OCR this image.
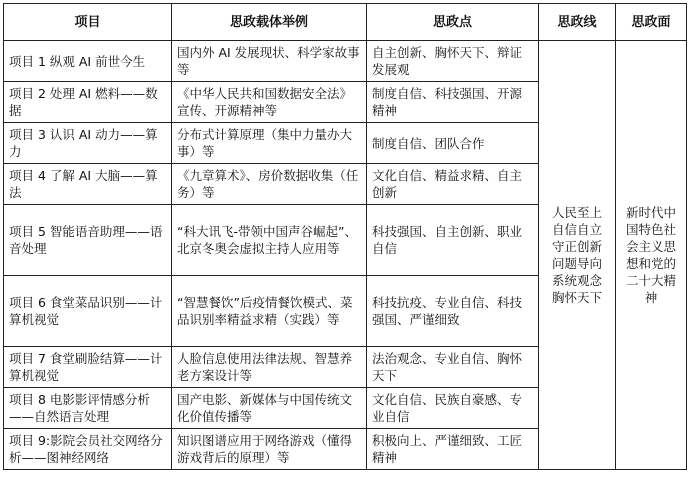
项目	思政载体举例	思政点	思政线	思政面
项目 1 纵观 AI 前世今生	国内外 AI 发展现状、科学家故事等	自主创新、胸怀天下、辩证发展观	人民至上自信自立守正创新问题导向系统观念胸怀天下	新时代中国特色社会主义思想和党的二十大精神
项目 2 处理 AI 燃料——数据	《中华人民共和国数据安全法》宣传、开源精神等	制度自信、科技强国、开源精神		
项目 3 认识 AI 动力——算力	分布式计算原理（集中力量办大事）等	制度自信、团队合作		
项目 4 了解 AI 大脑——算法	《九章算术》、房价数据收集（任务）等	文化自信、精益求精、自主创新		
项目 5 智能语音助理——语音处理	“科大讯飞-带领中国声谷崛起”、北京冬奥会虚拟主持人应用等	科技强国、自主创新、职业自信		
项目 6 食堂菜品识别——计算机视觉	“智慧餐饮”后疫情餐饮模式、菜品识别率精益求精（实践）等	科技抗疫、专业自信、科技强国、严谨细致		
项目 7 食堂刷脸结算——计算机视觉	人脸信息使用法律法规、智慧养老方案设计等	法治观念、专业自信、胸怀天下		
项目 8 电影影评情感分析——自然语言处理	国产电影、新媒体与中国传统文化价值传播等	文化自信、民族自豪感、专业自信		
项目 9:影院会员社交网络分析——图神经网络	知识图谱应用于网络游戏（懂得游戏背后的原理）等	积极向上、严谨细致、工匠精神		
